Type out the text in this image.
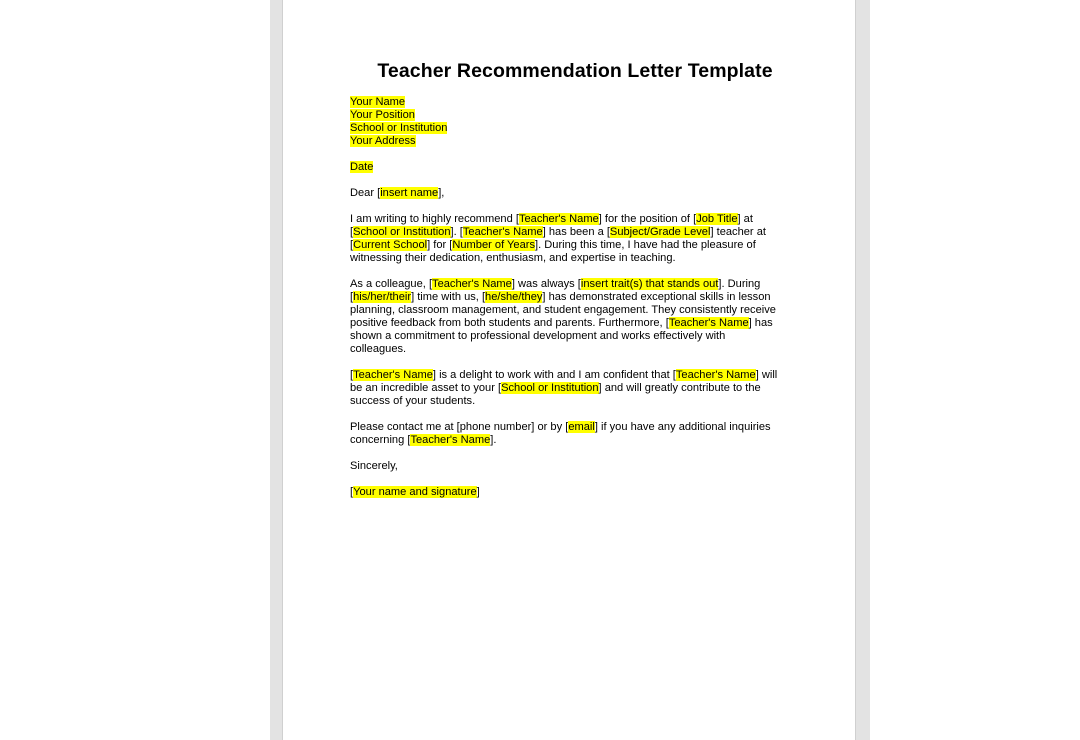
Teacher Recommendation Letter Template
Your Name
Your Position
School or Institution
Your Address
Date
Dear [insert name],
I am writing to highly recommend [Teacher's Name] for the position of [Job Title] at
[School or Institution]. [Teacher's Name] has been a [Subject/Grade Level] teacher at
[Current School] for [Number of Years]. During this time, I have had the pleasure of
witnessing their dedication, enthusiasm, and expertise in teaching.
As a colleague, [Teacher's Name] was always [insert trait(s) that stands out]. During
[his/her/their] time with us, [he/she/they] has demonstrated exceptional skills in lesson
planning, classroom management, and student engagement. They consistently receive
positive feedback from both students and parents. Furthermore, [Teacher's Name] has
shown a commitment to professional development and works effectively with
colleagues.
[Teacher's Name] is a delight to work with and I am confident that [Teacher's Name] will
be an incredible asset to your [School or Institution] and will greatly contribute to the
success of your students.
Please contact me at [phone number] or by [email] if you have any additional inquiries
concerning [Teacher's Name].
Sincerely,
[Your name and signature]
